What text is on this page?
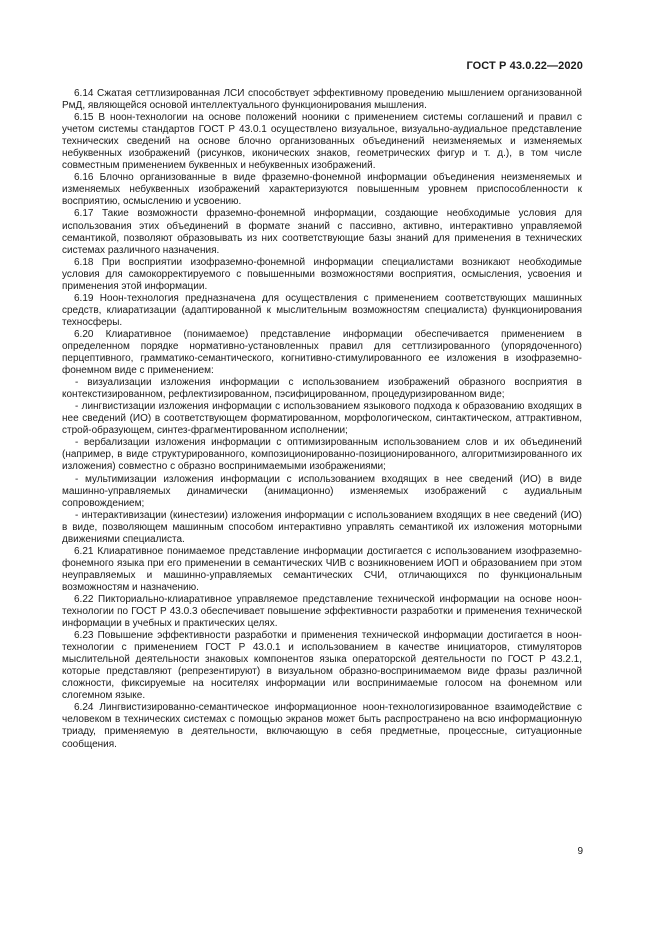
ГОСТ Р 43.0.22—2020

6.14 Сжатая сеттлизированная ЛСИ способствует эффективному проведению мышлением организованной РмД, являющейся основой интеллектуального функционирования мышления.

6.15 В ноон-технологии на основе положений нооники с применением системы соглашений и правил с учетом системы стандартов ГОСТ Р 43.0.1 осуществлено визуальное, визуально-аудиальное представление технических сведений на основе блочно организованных объединений неизменяемых и изменяемых небуквенных изображений (рисунков, иконических знаков, геометрических фигур и т. д.), в том числе совместным применением буквенных и небуквенных изображений.

6.16 Блочно организованные в виде фраземно-фонемной информации объединения неизменяемых и изменяемых небуквенных изображений характеризуются повышенным уровнем приспособленности к восприятию, осмыслению и усвоению.

6.17 Такие возможности фраземно-фонемной информации, создающие необходимые условия для использования этих объединений в формате знаний с пассивно, активно, интерактивно управляемой семантикой, позволяют образовывать из них соответствующие базы знаний для применения в технических системах различного назначения.

6.18 При восприятии изофраземно-фонемной информации специалистами возникают необходимые условия для самокорректируемого с повышенными возможностями восприятия, осмысления, усвоения и применения этой информации.

6.19 Ноон-технология предназначена для осуществления с применением соответствующих машинных средств, клиаратизации (адаптированной к мыслительным возможностям специалиста) функционирования техносферы.

6.20 Клиаративное (понимаемое) представление информации обеспечивается применением в определенном порядке нормативно-установленных правил для сеттлизированного (упорядоченного) перцептивного, грамматико-семантического, когнитивно-стимулированного ее изложения в изофраземно-фонемном виде с применением:

- визуализации изложения информации с использованием изображений образного восприятия в контекстизированном, рефлектизированном, пэсифицированном, процедуризированном виде;

- лингвистизации изложения информации с использованием языкового подхода к образованию входящих в нее сведений (ИО) в соответствующем форматированном, морфологическом, синтактическом, аттрактивном, строй-образующем, синтез-фрагментированном исполнении;

- вербализации изложения информации с оптимизированным использованием слов и их объединений (например, в виде структурированного, композиционированно-позиционированного, алгоритмизированного их изложения) совместно с образно воспринимаемыми изображениями;

- мультимизации изложения информации с использованием входящих в нее сведений (ИО) в виде машинно-управляемых динамически (анимационно) изменяемых изображений с аудиальным сопровождением;

- интерактивизации (кинестезии) изложения информации с использованием входящих в нее сведений (ИО) в виде, позволяющем машинным способом интерактивно управлять семантикой их изложения моторными движениями специалиста.

6.21 Клиаративное понимаемое представление информации достигается с использованием изофраземно-фонемного языка при его применении в семантических ЧИВ с возникновением ИОП и образованием при этом неуправляемых и машинно-управляемых семантических СЧИ, отличающихся по функциональным возможностям и назначению.

6.22 Пикториально-клиаративное управляемое представление технической информации на основе ноон-технологии по ГОСТ Р 43.0.3 обеспечивает повышение эффективности разработки и применения технической информации в учебных и практических целях.

6.23 Повышение эффективности разработки и применения технической информации достигается в ноон-технологии с применением ГОСТ Р 43.0.1 и использованием в качестве инициаторов, стимуляторов мыслительной деятельности знаковых компонентов языка операторской деятельности по ГОСТ Р 43.2.1, которые представляют (репрезентируют) в визуальном образно-воспринимаемом виде фразы различной сложности, фиксируемые на носителях информации или воспринимаемые голосом на фонемном или слогемном языке.

6.24 Лингвистизированно-семантическое информационное ноон-технологизированное взаимодействие с человеком в технических системах с помощью экранов может быть распространено на всю информационную триаду, применяемую в деятельности, включающую в себя предметные, процессные, ситуационные сообщения.

9
